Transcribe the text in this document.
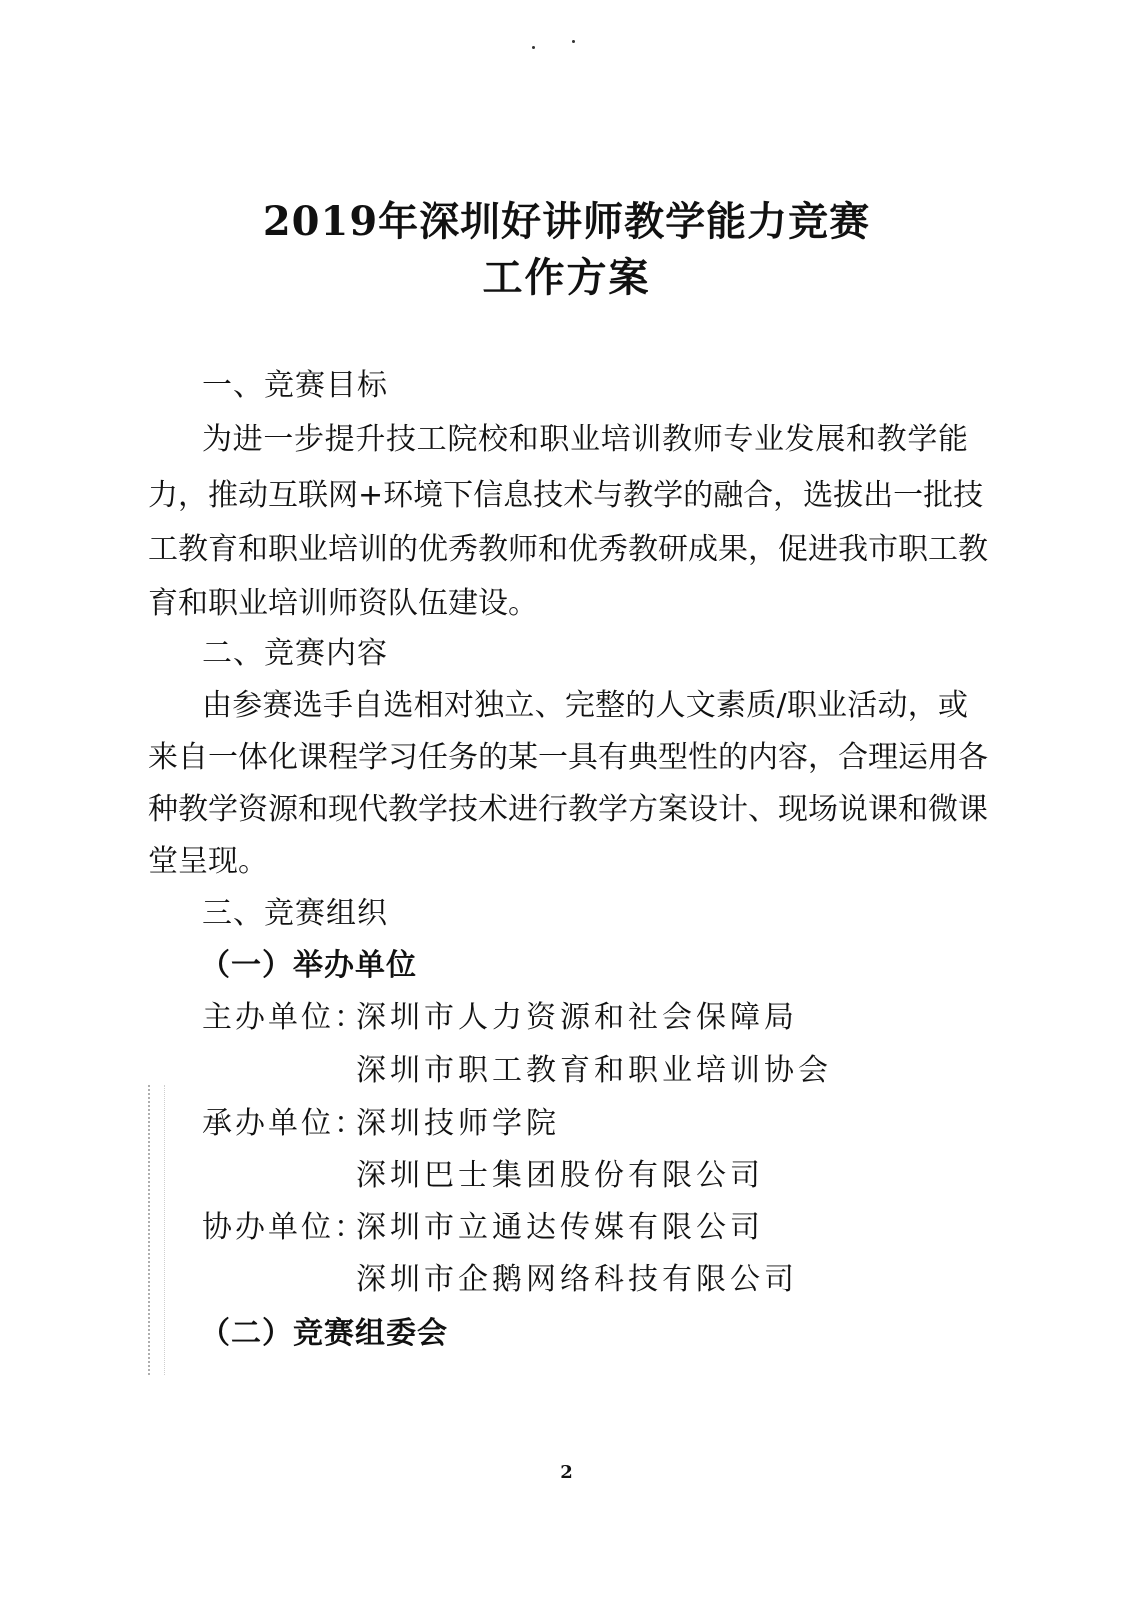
2019年深圳好讲师教学能力竞赛
工作方案
一、竞赛目标
为进一步提升技工院校和职业培训教师专业发展和教学能
力，推动互联网+环境下信息技术与教学的融合，选拔出一批技
工教育和职业培训的优秀教师和优秀教研成果，促进我市职工教
育和职业培训师资队伍建设。
二、竞赛内容
由参赛选手自选相对独立、完整的人文素质/职业活动，或
来自一体化课程学习任务的某一具有典型性的内容，合理运用各
种教学资源和现代教学技术进行教学方案设计、现场说课和微课
堂呈现。
三、竞赛组织
（一）举办单位
主办单位：
深圳市人力资源和社会保障局
深圳市职工教育和职业培训协会
承办单位：
深圳技师学院
深圳巴士集团股份有限公司
协办单位：
深圳市立通达传媒有限公司
深圳市企鹅网络科技有限公司
（二）竞赛组委会
2
